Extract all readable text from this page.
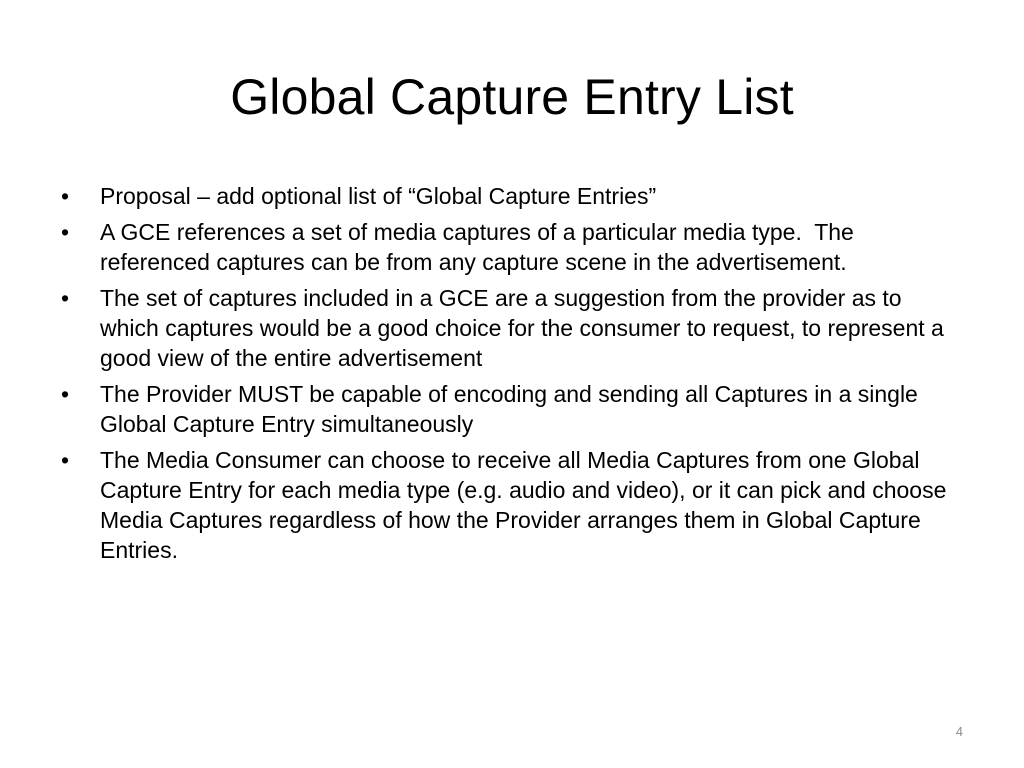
Global Capture Entry List
•	Proposal – add optional list of “Global Capture Entries”
•	A GCE references a set of media captures of a particular media type.  The referenced captures can be from any capture scene in the advertisement.
•	The set of captures included in a GCE are a suggestion from the provider as to which captures would be a good choice for the consumer to request, to represent a good view of the entire advertisement
•	The Provider MUST be capable of encoding and sending all Captures in a single Global Capture Entry simultaneously
•	The Media Consumer can choose to receive all Media Captures from one Global Capture Entry for each media type (e.g. audio and video), or it can pick and choose Media Captures regardless of how the Provider arranges them in Global Capture Entries.
4
